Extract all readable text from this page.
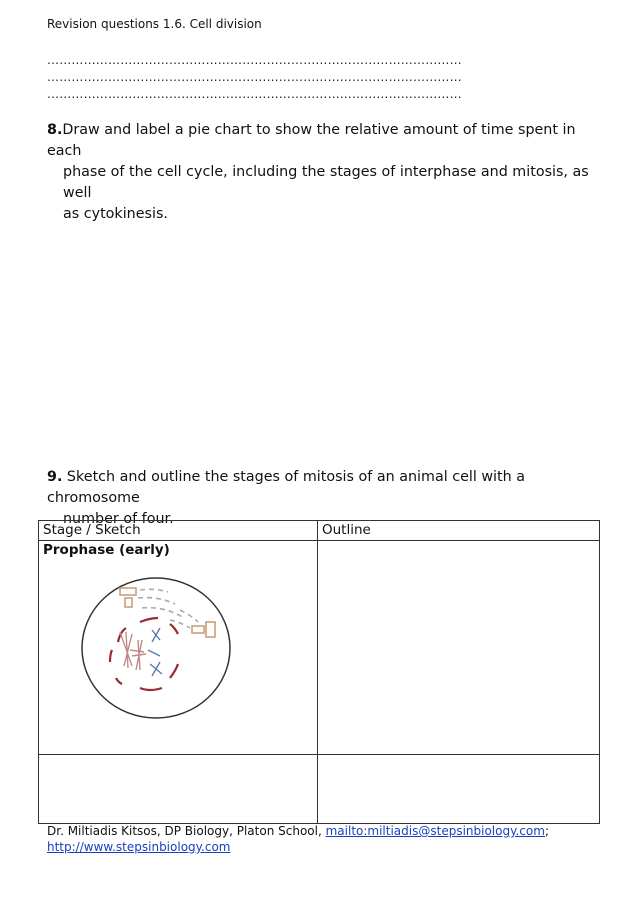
Revision questions 1.6. Cell division
…………………………………………………………………………………………
…………………………………………………………………………………………
…………………………………………………………………………………………
8.Draw and label a pie chart to show the relative amount of time spent in each
phase of the cell cycle, including the stages of interphase and mitosis, as well
as cytokinesis.
9. Sketch and outline the stages of mitosis of an animal cell with a chromosome
number of four.
Stage / Sketch	Outline
Prophase (early)	

Dr. Miltiadis Kitsos, DP Biology, Platon School, mailto:miltiadis@stepsinbiology.com;
http://www.stepsinbiology.com
